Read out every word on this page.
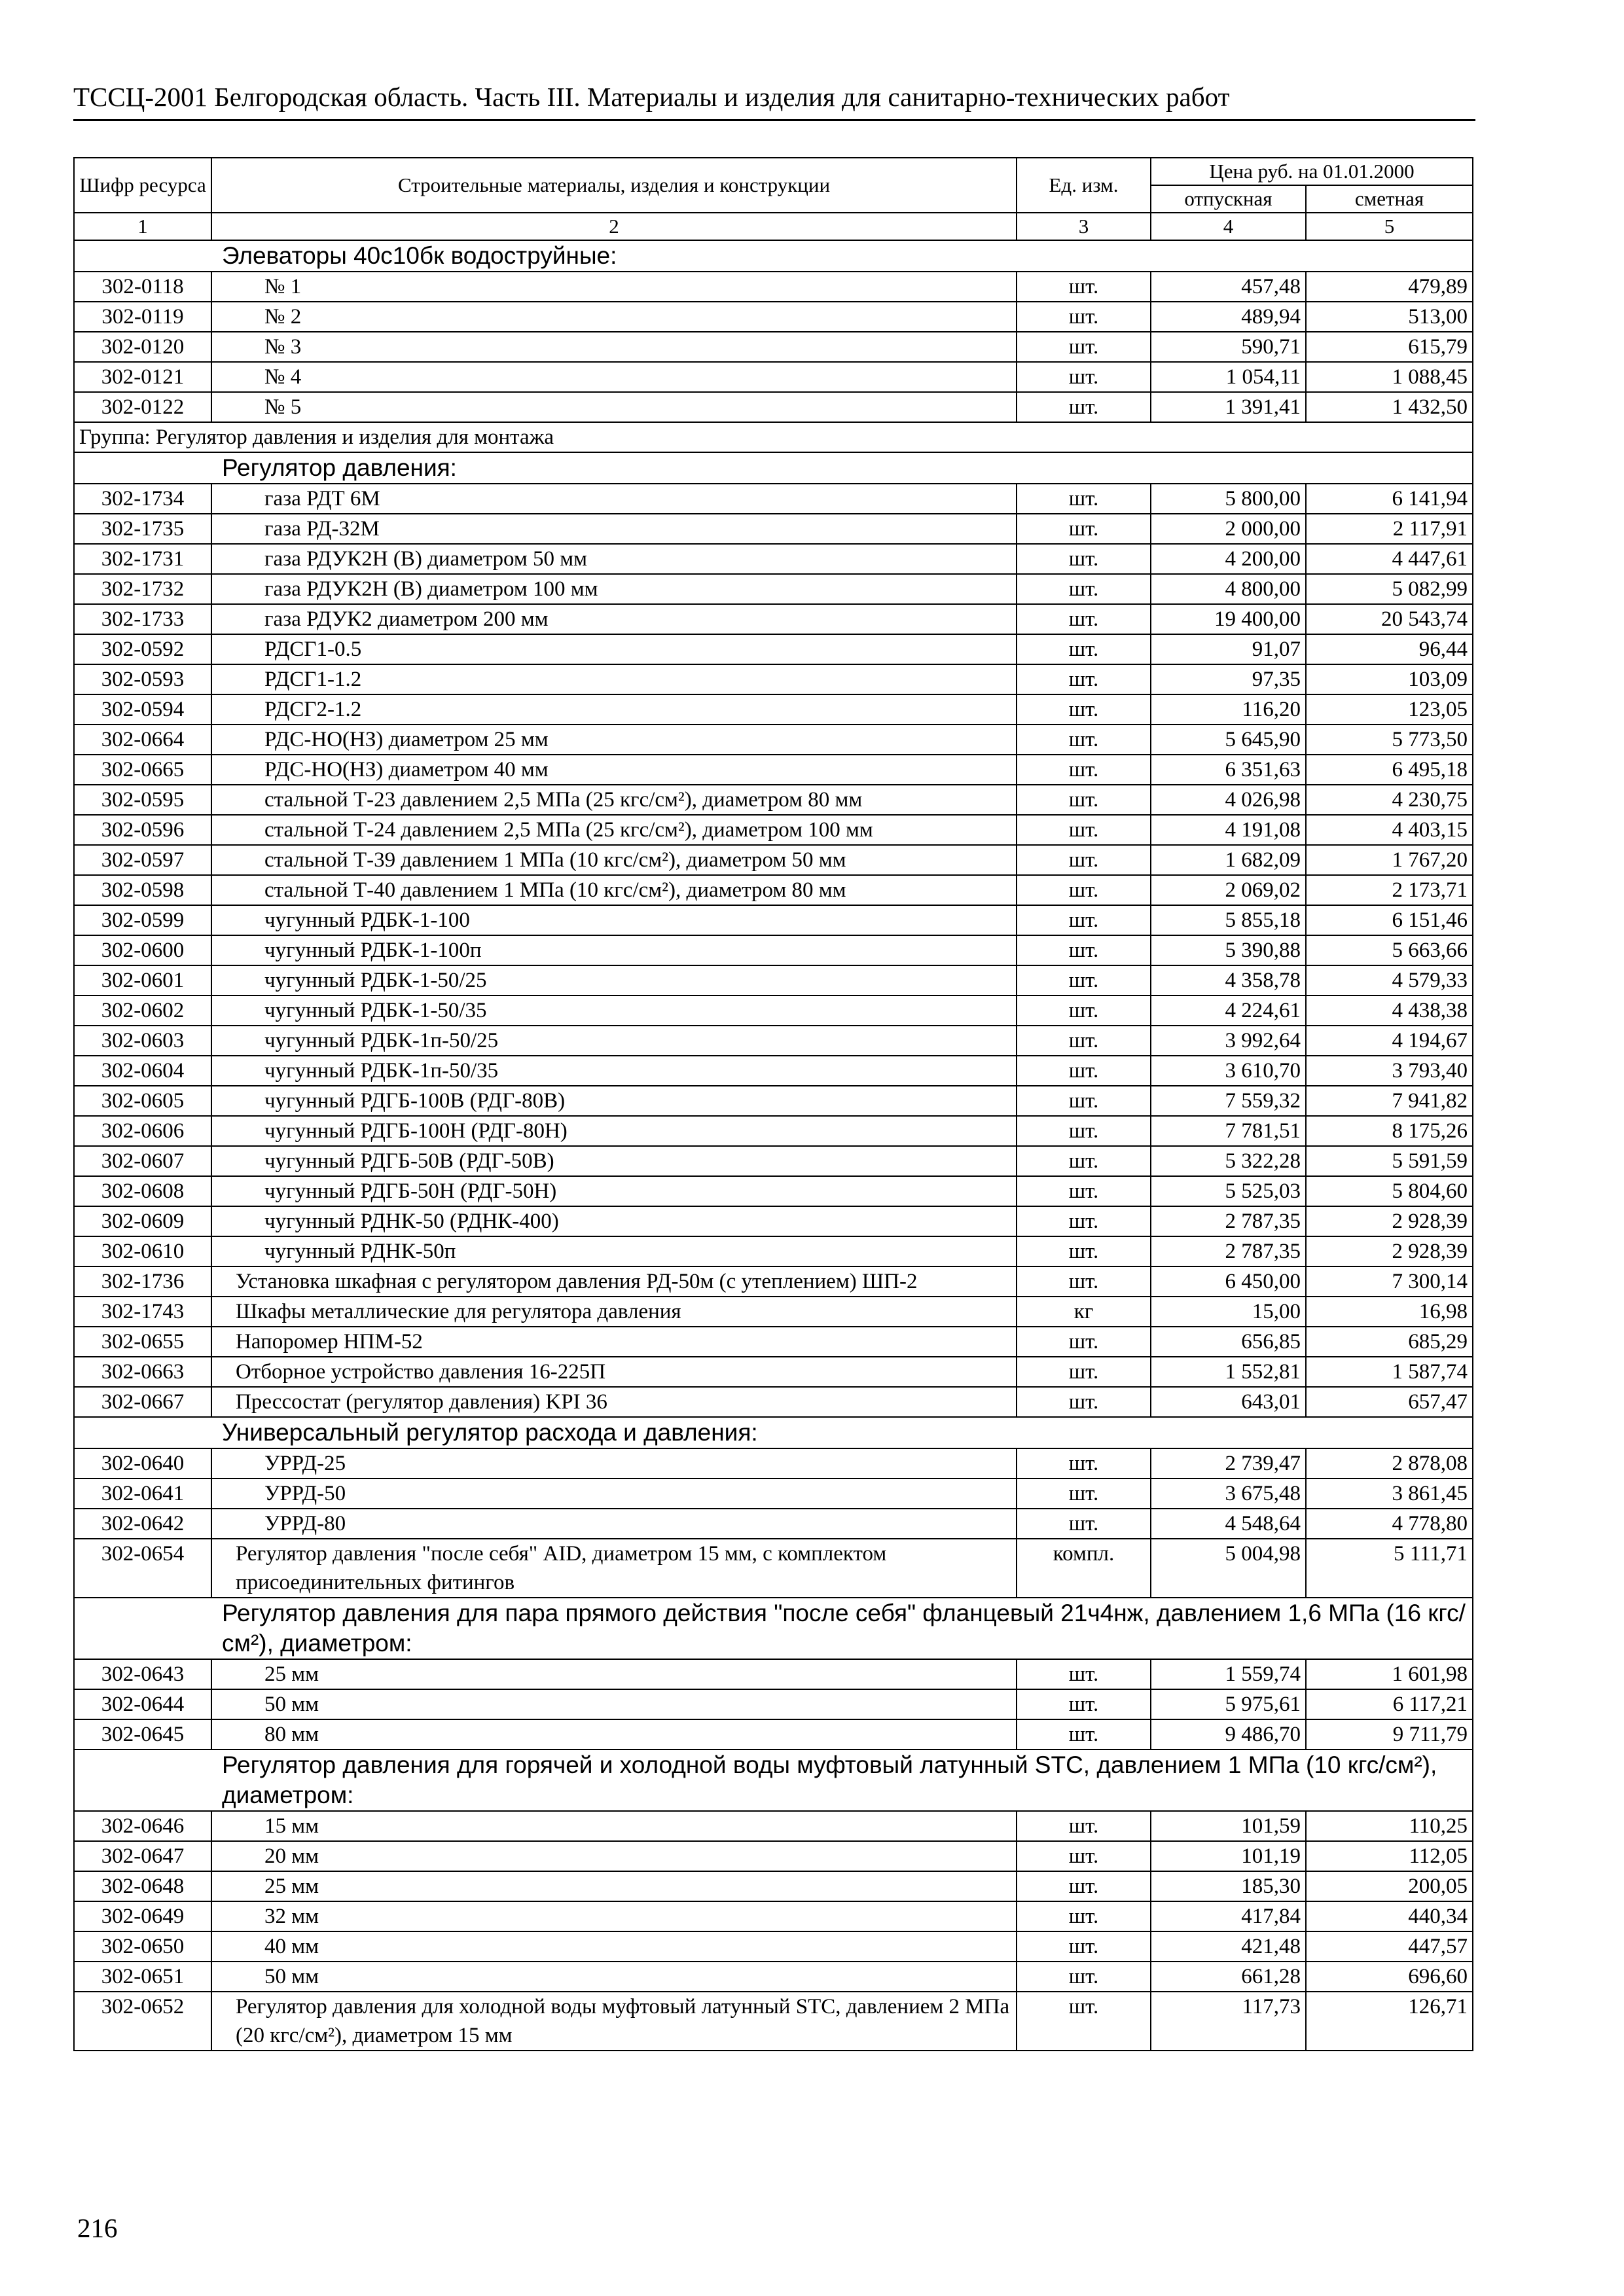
ТССЦ-2001 Белгородская область. Часть III. Материалы и изделия для санитарно-технических работ
Шифр ресурса	Строительные материалы, изделия и конструкции	Ед. изм.	Цена руб. на 01.01.2000	
			отпускная	сметная
1	2	3	4	5
Элеваторы 40с10бк водоструйные:				
302-0118	№ 1	шт.	457,48	479,89
302-0119	№ 2	шт.	489,94	513,00
302-0120	№ 3	шт.	590,71	615,79
302-0121	№ 4	шт.	1 054,11	1 088,45
302-0122	№ 5	шт.	1 391,41	1 432,50
Группа: Регулятор давления и изделия для монтажа				
Регулятор давления:				
302-1734	газа РДТ 6М	шт.	5 800,00	6 141,94
302-1735	газа РД-32М	шт.	2 000,00	2 117,91
302-1731	газа РДУК2Н (В) диаметром 50 мм	шт.	4 200,00	4 447,61
302-1732	газа РДУК2Н (В) диаметром 100 мм	шт.	4 800,00	5 082,99
302-1733	газа РДУК2 диаметром 200 мм	шт.	19 400,00	20 543,74
302-0592	РДСГ1-0.5	шт.	91,07	96,44
302-0593	РДСГ1-1.2	шт.	97,35	103,09
302-0594	РДСГ2-1.2	шт.	116,20	123,05
302-0664	РДС-НО(НЗ) диаметром 25 мм	шт.	5 645,90	5 773,50
302-0665	РДС-НО(НЗ) диаметром 40 мм	шт.	6 351,63	6 495,18
302-0595	стальной Т-23 давлением 2,5 МПа (25 кгс/см²), диаметром 80 мм	шт.	4 026,98	4 230,75
302-0596	стальной Т-24 давлением 2,5 МПа (25 кгс/см²), диаметром 100 мм	шт.	4 191,08	4 403,15
302-0597	стальной Т-39 давлением 1 МПа (10 кгс/см²), диаметром 50 мм	шт.	1 682,09	1 767,20
302-0598	стальной Т-40 давлением 1 МПа (10 кгс/см²), диаметром 80 мм	шт.	2 069,02	2 173,71
302-0599	чугунный РДБК-1-100	шт.	5 855,18	6 151,46
302-0600	чугунный РДБК-1-100п	шт.	5 390,88	5 663,66
302-0601	чугунный РДБК-1-50/25	шт.	4 358,78	4 579,33
302-0602	чугунный РДБК-1-50/35	шт.	4 224,61	4 438,38
302-0603	чугунный РДБК-1п-50/25	шт.	3 992,64	4 194,67
302-0604	чугунный РДБК-1п-50/35	шт.	3 610,70	3 793,40
302-0605	чугунный РДГБ-100В (РДГ-80В)	шт.	7 559,32	7 941,82
302-0606	чугунный РДГБ-100Н (РДГ-80Н)	шт.	7 781,51	8 175,26
302-0607	чугунный РДГБ-50В (РДГ-50В)	шт.	5 322,28	5 591,59
302-0608	чугунный РДГБ-50Н (РДГ-50Н)	шт.	5 525,03	5 804,60
302-0609	чугунный РДНК-50 (РДНК-400)	шт.	2 787,35	2 928,39
302-0610	чугунный РДНК-50п	шт.	2 787,35	2 928,39
302-1736	Установка шкафная с регулятором давления РД-50м (с утеплением) ШП-2	шт.	6 450,00	7 300,14
302-1743	Шкафы металлические для регулятора давления	кг	15,00	16,98
302-0655	Напоромер НПМ-52	шт.	656,85	685,29
302-0663	Отборное устройство давления 16-225П	шт.	1 552,81	1 587,74
302-0667	Прессостат (регулятор давления) KPI 36	шт.	643,01	657,47
Универсальный регулятор расхода и давления:				
302-0640	УРРД-25	шт.	2 739,47	2 878,08
302-0641	УРРД-50	шт.	3 675,48	3 861,45
302-0642	УРРД-80	шт.	4 548,64	4 778,80
302-0654	Регулятор давления "после себя" AID, диаметром 15 мм, с комплектом присоединительных фитингов	компл.	5 004,98	5 111,71
Регулятор давления для пара прямого действия "после себя" фланцевый 21ч4нж, давлением 1,6 МПа (16 кгс/см²), диаметром:				
302-0643	25 мм	шт.	1 559,74	1 601,98
302-0644	50 мм	шт.	5 975,61	6 117,21
302-0645	80 мм	шт.	9 486,70	9 711,79
Регулятор давления для горячей и холодной воды муфтовый латунный STC, давлением 1 МПа (10 кгс/см²), диаметром:				
302-0646	15 мм	шт.	101,59	110,25
302-0647	20 мм	шт.	101,19	112,05
302-0648	25 мм	шт.	185,30	200,05
302-0649	32 мм	шт.	417,84	440,34
302-0650	40 мм	шт.	421,48	447,57
302-0651	50 мм	шт.	661,28	696,60
302-0652	Регулятор давления для холодной воды муфтовый латунный STC, давлением 2 МПа (20 кгс/см²), диаметром 15 мм	шт.	117,73	126,71
216
